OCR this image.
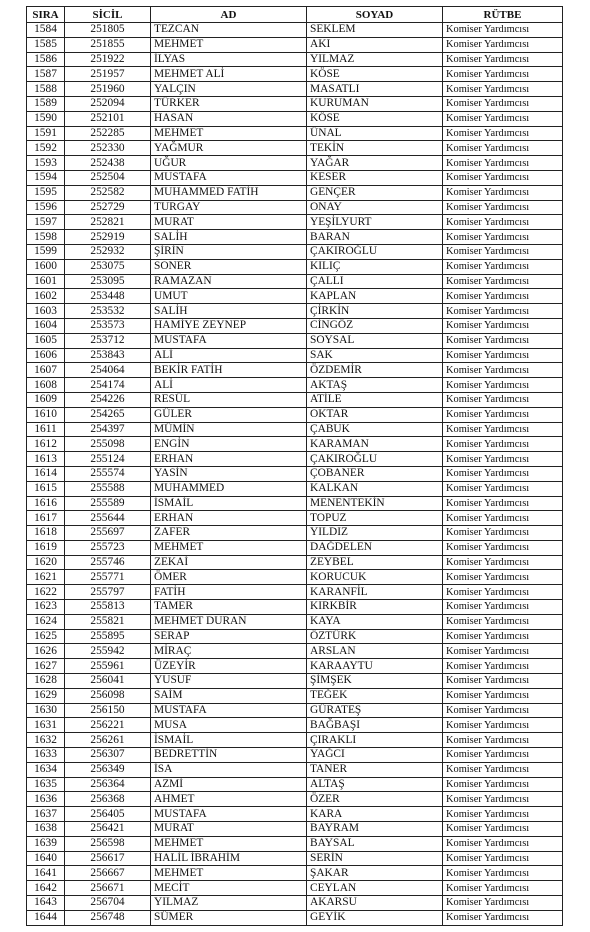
SIRA	SİCİL	AD	SOYAD	RÜTBE
1584	251805	TEZCAN	SEKLEM	Komiser Yardımcısı
1585	251855	MEHMET	AKI	Komiser Yardımcısı
1586	251922	İLYAS	YILMAZ	Komiser Yardımcısı
1587	251957	MEHMET ALİ	KÖSE	Komiser Yardımcısı
1588	251960	YALÇIN	MASATLI	Komiser Yardımcısı
1589	252094	TÜRKER	KURUMAN	Komiser Yardımcısı
1590	252101	HASAN	KÖSE	Komiser Yardımcısı
1591	252285	MEHMET	ÜNAL	Komiser Yardımcısı
1592	252330	YAĞMUR	TEKİN	Komiser Yardımcısı
1593	252438	UĞUR	YAĞAR	Komiser Yardımcısı
1594	252504	MUSTAFA	KESER	Komiser Yardımcısı
1595	252582	MUHAMMED FATİH	GENÇER	Komiser Yardımcısı
1596	252729	TURGAY	ONAY	Komiser Yardımcısı
1597	252821	MURAT	YEŞİLYURT	Komiser Yardımcısı
1598	252919	SALİH	BARAN	Komiser Yardımcısı
1599	252932	ŞİRİN	ÇAKIROĞLU	Komiser Yardımcısı
1600	253075	SONER	KILIÇ	Komiser Yardımcısı
1601	253095	RAMAZAN	ÇALLI	Komiser Yardımcısı
1602	253448	UMUT	KAPLAN	Komiser Yardımcısı
1603	253532	SALİH	ÇİRKİN	Komiser Yardımcısı
1604	253573	HAMİYE ZEYNEP	CİNGÖZ	Komiser Yardımcısı
1605	253712	MUSTAFA	SOYSAL	Komiser Yardımcısı
1606	253843	ALİ	SAK	Komiser Yardımcısı
1607	254064	BEKİR FATİH	ÖZDEMİR	Komiser Yardımcısı
1608	254174	ALİ	AKTAŞ	Komiser Yardımcısı
1609	254226	RESÜL	ATİLE	Komiser Yardımcısı
1610	254265	GÜLER	OKTAR	Komiser Yardımcısı
1611	254397	MÜMİN	ÇABUK	Komiser Yardımcısı
1612	255098	ENGİN	KARAMAN	Komiser Yardımcısı
1613	255124	ERHAN	ÇAKIROĞLU	Komiser Yardımcısı
1614	255574	YASİN	ÇOBANER	Komiser Yardımcısı
1615	255588	MUHAMMED	KALKAN	Komiser Yardımcısı
1616	255589	İSMAİL	MENENTEKİN	Komiser Yardımcısı
1617	255644	ERHAN	TOPUZ	Komiser Yardımcısı
1618	255697	ZAFER	YILDIZ	Komiser Yardımcısı
1619	255723	MEHMET	DAĞDELEN	Komiser Yardımcısı
1620	255746	ZEKAİ	ZEYBEL	Komiser Yardımcısı
1621	255771	ÖMER	KORUCUK	Komiser Yardımcısı
1622	255797	FATİH	KARANFİL	Komiser Yardımcısı
1623	255813	TAMER	KIRKBİR	Komiser Yardımcısı
1624	255821	MEHMET DURAN	KAYA	Komiser Yardımcısı
1625	255895	SERAP	ÖZTÜRK	Komiser Yardımcısı
1626	255942	MİRAÇ	ARSLAN	Komiser Yardımcısı
1627	255961	ÜZEYİR	KARAAYTU	Komiser Yardımcısı
1628	256041	YUSUF	ŞİMŞEK	Komiser Yardımcısı
1629	256098	SAİM	TEĞEK	Komiser Yardımcısı
1630	256150	MUSTAFA	GÜRATEŞ	Komiser Yardımcısı
1631	256221	MUSA	BAĞBAŞI	Komiser Yardımcısı
1632	256261	İSMAİL	ÇIRAKLI	Komiser Yardımcısı
1633	256307	BEDRETTİN	YAĞCI	Komiser Yardımcısı
1634	256349	İSA	TANER	Komiser Yardımcısı
1635	256364	AZMİ	ALTAŞ	Komiser Yardımcısı
1636	256368	AHMET	ÖZER	Komiser Yardımcısı
1637	256405	MUSTAFA	KARA	Komiser Yardımcısı
1638	256421	MURAT	BAYRAM	Komiser Yardımcısı
1639	256598	MEHMET	BAYSAL	Komiser Yardımcısı
1640	256617	HALİL İBRAHİM	SERİN	Komiser Yardımcısı
1641	256667	MEHMET	ŞAKAR	Komiser Yardımcısı
1642	256671	MECİT	CEYLAN	Komiser Yardımcısı
1643	256704	YILMAZ	AKARSU	Komiser Yardımcısı
1644	256748	SÜMER	GEYİK	Komiser Yardımcısı
